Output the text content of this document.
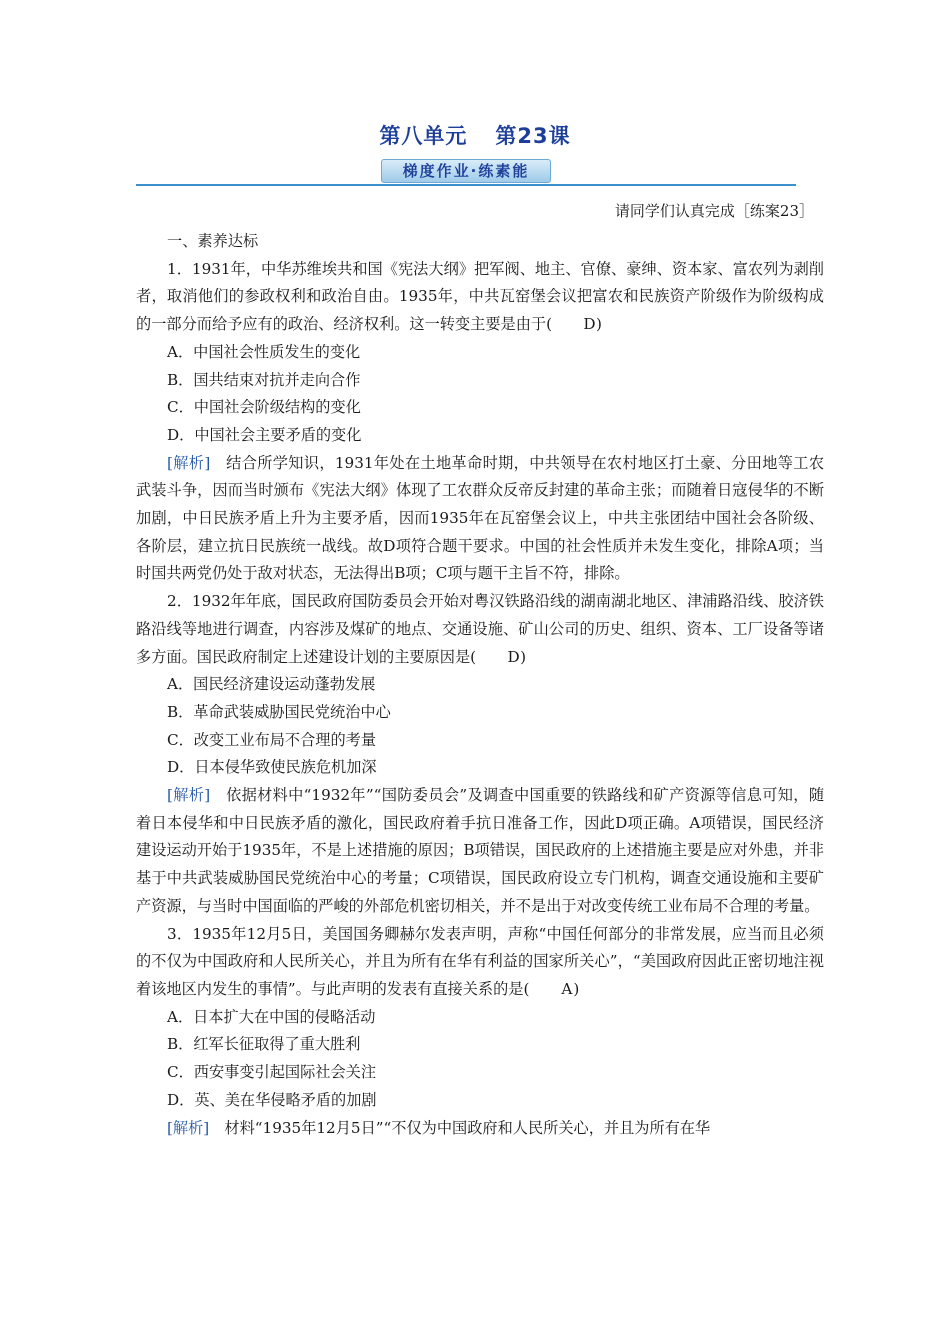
第八单元 第23课
梯度作业·练素能
请同学们认真完成［练案23］

一、素养达标

1．1931年，中华苏维埃共和国《宪法大纲》把军阀、地主、官僚、豪绅、资本家、富农列为剥削者，取消他们的参政权利和政治自由。1935年，中共瓦窑堡会议把富农和民族资产阶级作为阶级构成的一部分而给予应有的政治、经济权利。这一转变主要是由于( D)

A．中国社会性质发生的变化

B．国共结束对抗并走向合作

C．中国社会阶级结构的变化

D．中国社会主要矛盾的变化

[解析]　 结合所学知识，1931年处在土地革命时期，中共领导在农村地区打土豪、分田地等工农武装斗争，因而当时颁布《宪法大纲》体现了工农群众反帝反封建的革命主张；而随着日寇侵华的不断加剧，中日民族矛盾上升为主要矛盾，因而1935年在瓦窑堡会议上，中共主张团结中国社会各阶级、各阶层，建立抗日民族统一战线。故D项符合题干要求。中国的社会性质并未发生变化，排除A项；当时国共两党仍处于敌对状态，无法得出B项；C项与题干主旨不符，排除。

2．1932年年底，国民政府国防委员会开始对粤汉铁路沿线的湖南湖北地区、津浦路沿线、胶济铁路沿线等地进行调查，内容涉及煤矿的地点、交通设施、矿山公司的历史、组织、资本、工厂设备等诸多方面。国民政府制定上述建设计划的主要原因是( D)

A．国民经济建设运动蓬勃发展

B．革命武装威胁国民党统治中心

C．改变工业布局不合理的考量

D．日本侵华致使民族危机加深

[解析]　 依据材料中“1932年”“国防委员会”及调查中国重要的铁路线和矿产资源等信息可知，随着日本侵华和中日民族矛盾的激化，国民政府着手抗日准备工作，因此D项正确。A项错误，国民经济建设运动开始于1935年，不是上述措施的原因；B项错误，国民政府的上述措施主要是应对外患，并非基于中共武装威胁国民党统治中心的考量；C项错误，国民政府设立专门机构，调查交通设施和主要矿产资源，与当时中国面临的严峻的外部危机密切相关，并不是出于对改变传统工业布局不合理的考量。

3．1935年12月5日，美国国务卿赫尔发表声明，声称“中国任何部分的非常发展，应当而且必须的不仅为中国政府和人民所关心，并且为所有在华有利益的国家所关心”，“美国政府因此正密切地注视着该地区内发生的事情”。与此声明的发表有直接关系的是( A)

A．日本扩大在中国的侵略活动

B．红军长征取得了重大胜利

C．西安事变引起国际社会关注

D．英、美在华侵略矛盾的加剧

[解析]　 材料“1935年12月5日”“不仅为中国政府和人民所关心，并且为所有在华
